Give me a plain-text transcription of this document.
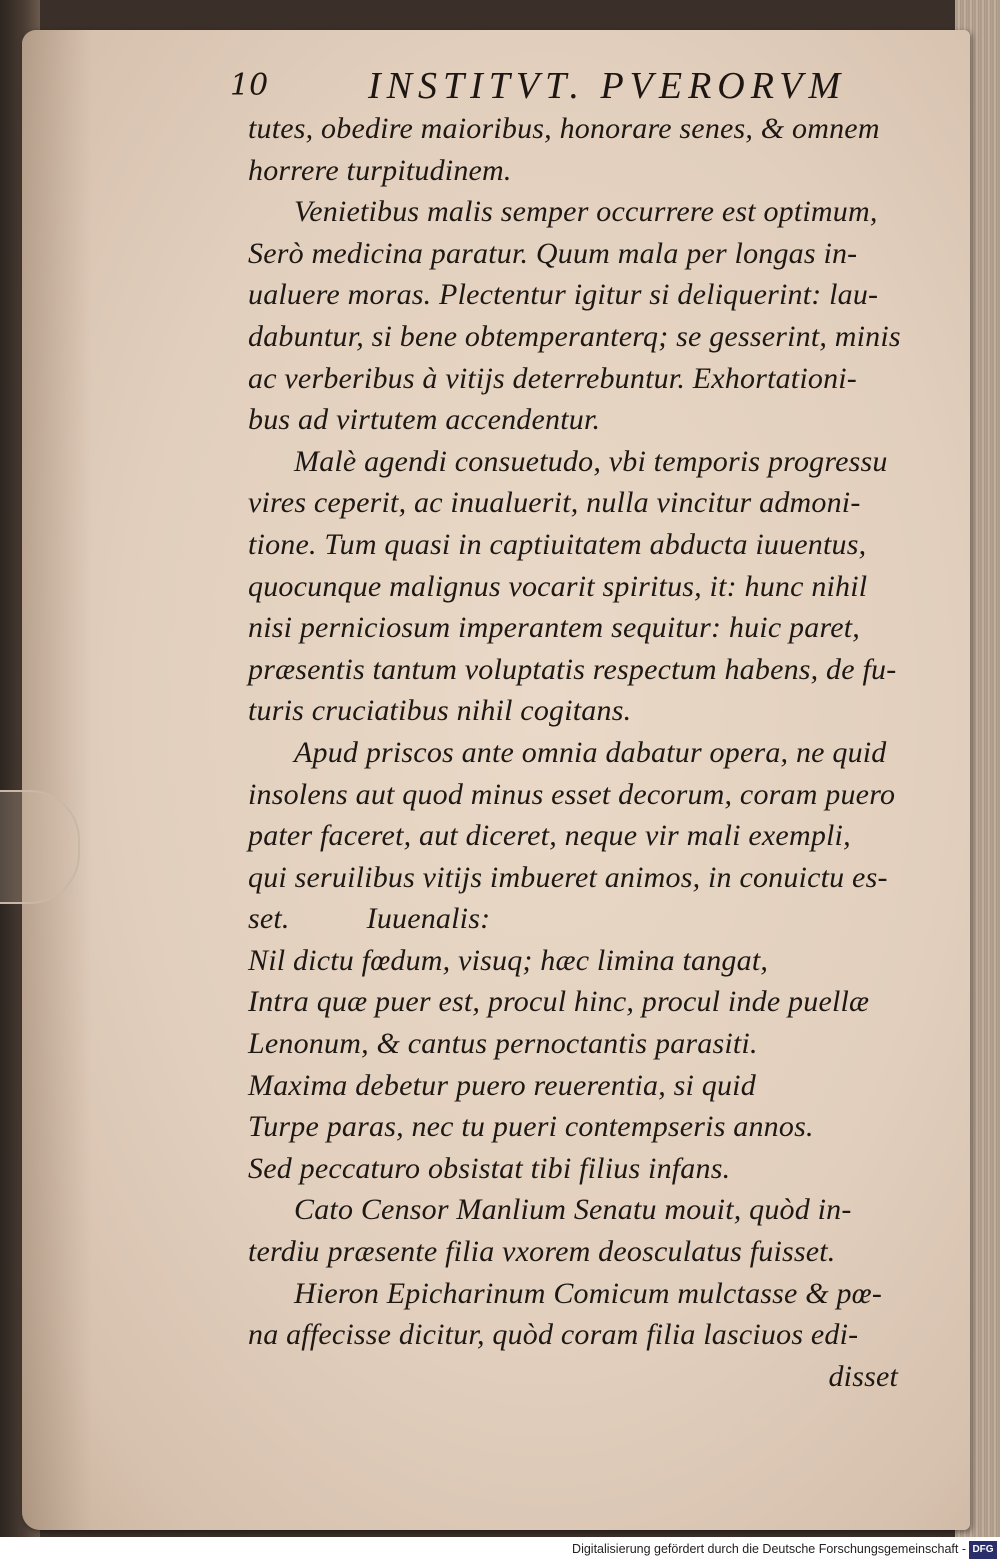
10	INSTITVT. PVERORVM
tutes, obedire maioribus, honorare senes, & omnem
horrere turpitudinem.
Venietibus malis semper occurrere est optimum,
Serò medicina paratur. Quum mala per longas in-
ualuere moras. Plectentur igitur si deliquerint: lau-
dabuntur, si bene obtemperanterq; se gesserint, minis
ac verberibus à vitijs deterrebuntur. Exhortationi-
bus ad virtutem accendentur.
Malè agendi consuetudo, vbi temporis progressu
vires ceperit, ac inualuerit, nulla vincitur admoni-
tione. Tum quasi in captiuitatem abducta iuuentus,
quocunque malignus vocarit spiritus, it: hunc nihil
nisi perniciosum imperantem sequitur: huic paret,
præsentis tantum voluptatis respectum habens, de fu-
turis cruciatibus nihil cogitans.
Apud priscos ante omnia dabatur opera, ne quid
insolens aut quod minus esset decorum, coram puero
pater faceret, aut diceret, neque vir mali exempli,
qui seruilibus vitijs imbueret animos, in conuictu es-
set.          Iuuenalis:
Nil dictu fœdum, visuq; hæc limina tangat,
Intra quæ puer est, procul hinc, procul inde puellæ
Lenonum, & cantus pernoctantis parasiti.
Maxima debetur puero reuerentia, si quid
Turpe paras, nec tu pueri contempseris annos.
Sed peccaturo obsistat tibi filius infans.
Cato Censor Manlium Senatu mouit, quòd in-
terdiu præsente filia vxorem deosculatus fuisset.
Hieron Epicharinum Comicum mulctasse & pœ-
na affecisse dicitur, quòd coram filia lasciuos edi-
disset
Digitalisierung gefördert durch die Deutsche Forschungsgemeinschaft - DFG
